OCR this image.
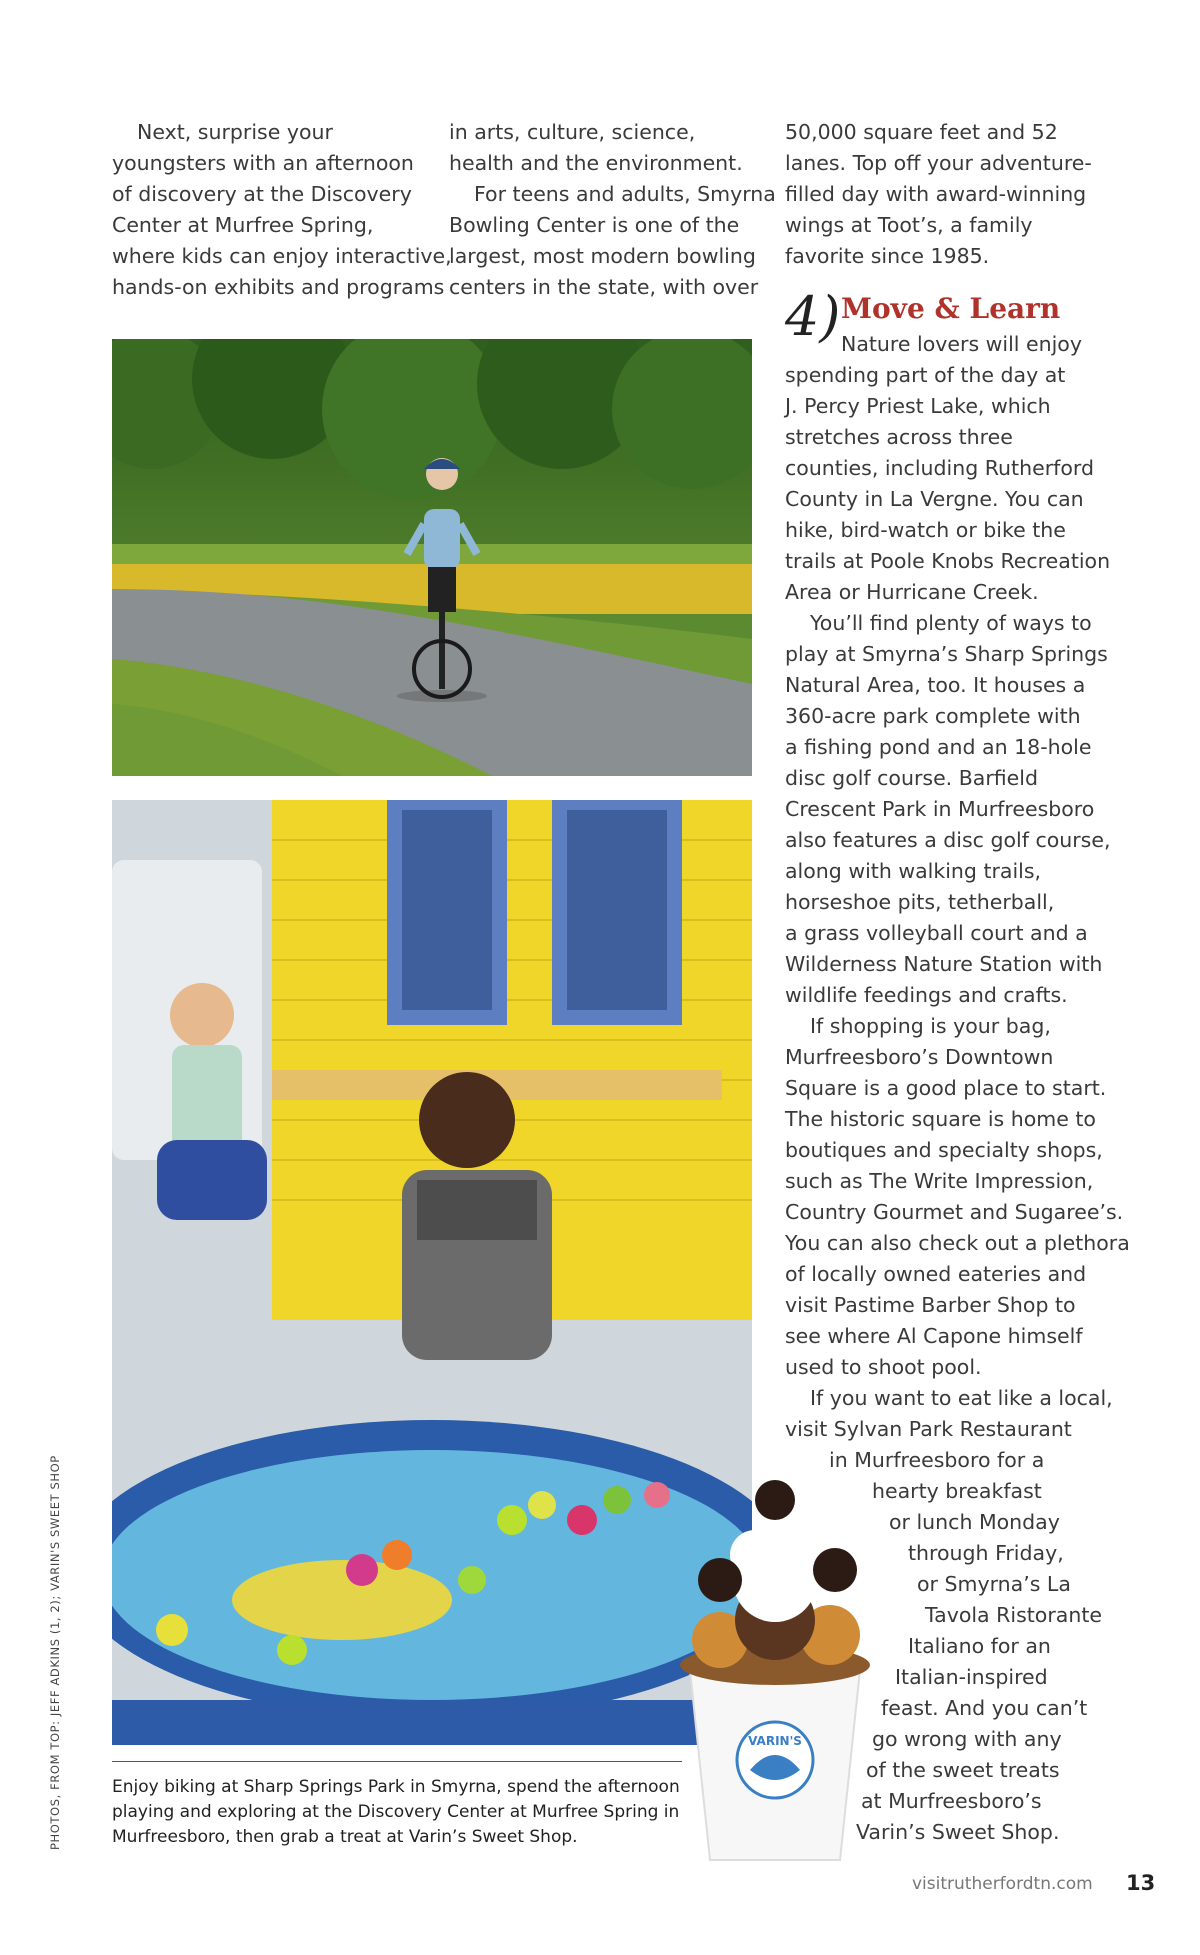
Next, surprise your
youngsters with an afternoon
of discovery at the Discovery
Center at Murfree Spring,
where kids can enjoy interactive,
hands-on exhibits and programs
in arts, culture, science,
health and the environment.
For teens and adults, Smyrna
Bowling Center is one of the
largest, most modern bowling
centers in the state, with over
50,000 square feet and 52
lanes. Top off your adventure-
filled day with award-winning
wings at Toot’s, a family
favorite since 1985.
4) Move & Learn
Nature lovers will enjoy
spending part of the day at
J. Percy Priest Lake, which
stretches across three
counties, including Rutherford
County in La Vergne. You can
hike, bird-watch or bike the
trails at Poole Knobs Recreation
Area or Hurricane Creek.
You’ll find plenty of ways to
play at Smyrna’s Sharp Springs
Natural Area, too. It houses a
360-acre park complete with
a fishing pond and an 18-hole
disc golf course. Barfield
Crescent Park in Murfreesboro
also features a disc golf course,
along with walking trails,
horseshoe pits, tetherball,
a grass volleyball court and a
Wilderness Nature Station with
wildlife feedings and crafts.
If shopping is your bag,
Murfreesboro’s Downtown
Square is a good place to start.
The historic square is home to
boutiques and specialty shops,
such as The Write Impression,
Country Gourmet and Sugaree’s.
You can also check out a plethora
of locally owned eateries and
visit Pastime Barber Shop to
see where Al Capone himself
used to shoot pool.
If you want to eat like a local,
visit Sylvan Park Restaurant
in Murfreesboro for a
hearty breakfast
or lunch Monday
through Friday,
or Smyrna’s La
Tavola Ristorante
Italiano for an
Italian-inspired
feast. And you can’t
go wrong with any
of the sweet treats
at Murfreesboro’s
Varin’s Sweet Shop.
VARIN'S
Enjoy biking at Sharp Springs Park in Smyrna, spend the afternoon playing and exploring at the Discovery Center at Murfree Spring in Murfreesboro, then grab a treat at Varin’s Sweet Shop.
PHOTOS, FROM TOP: JEFF ADKINS (1, 2); VARIN'S SWEET SHOP
visitrutherfordtn.com 13
